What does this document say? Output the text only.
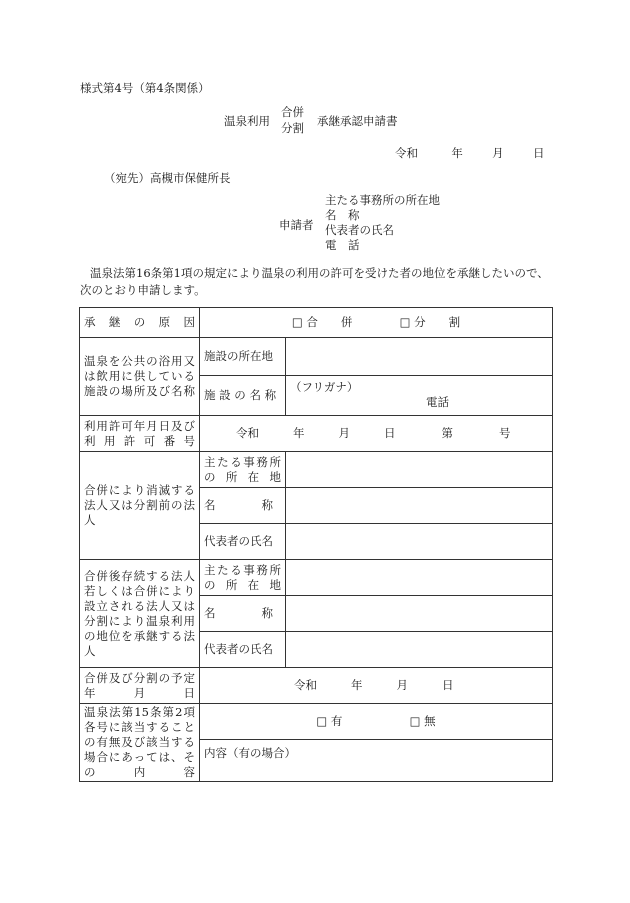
様式第4号（第4条関係）
温泉利用
合併
分割 承継承認申請書
令和	年	月	日
（宛先）高槻市保健所長
申請者
主たる事務所の所在地
名　称
代表者の氏名
電　話
温泉法第16条第1項の規定により温泉の利用の許可を受けた者の地位を承継したいので、次のとおり申請します。
承　継　の　原　因	□ 合　　併 □ 分　　割	
温泉を公共の浴用又は飲用に供している施設の場所及び名称	施設の所在地	
	施 設 の 名 称	（フリガナ）
電話

利用許可年月日及び利用許可番号	令和 年 月 日 第 号	
合併により消滅する法人又は分割前の法人	主たる事務所の所在地	
	名　　　　称	
	代表者の氏名	
合併後存続する法人若しくは合併により設立される法人又は分割により温泉利用の地位を承継する法人	主たる事務所の所在地	
	名　　　　称	
	代表者の氏名	
合併及び分割の予定年月日	令和 年 月 日	
温泉法第15条第2項各号に該当することの有無及び該当する場合にあっては、その内容	□ 有 □ 無	
	内容（有の場合）	
